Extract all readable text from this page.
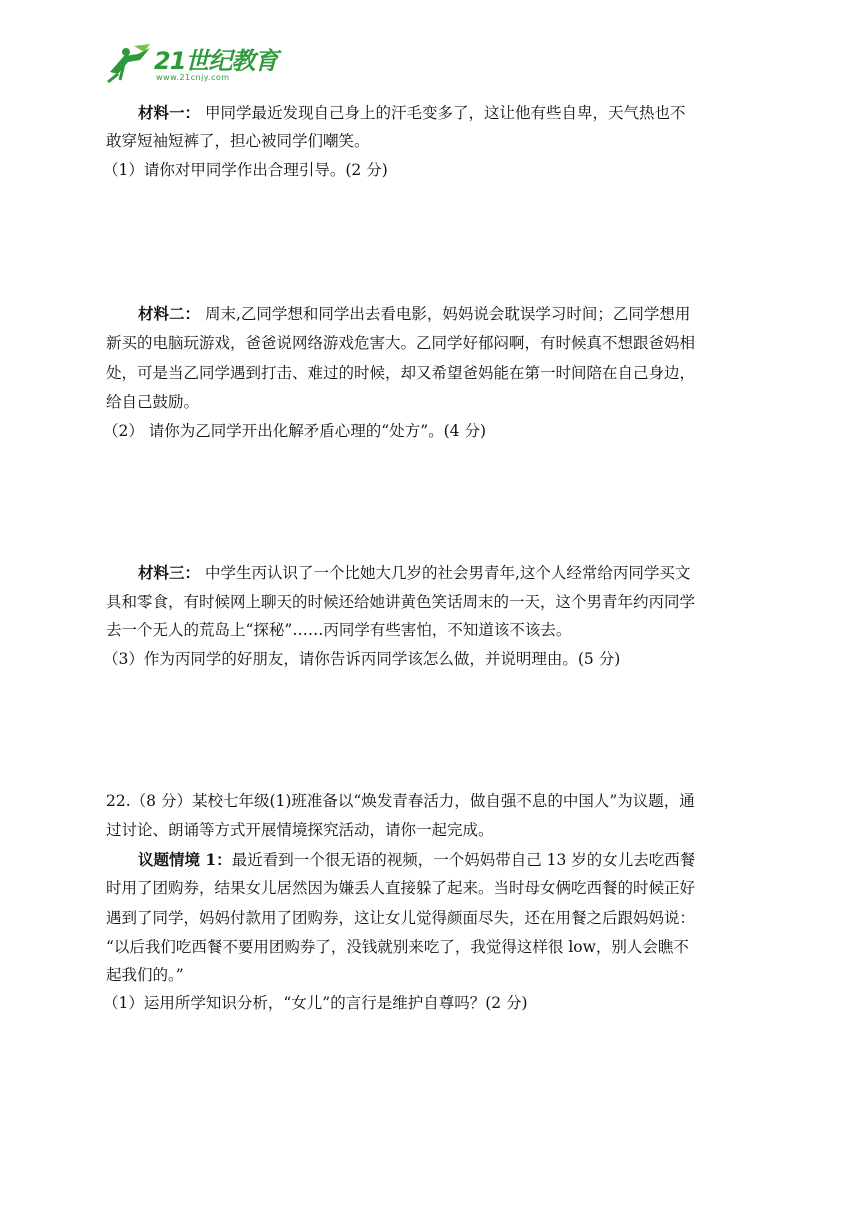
21世纪教育
www.21cnjy.com
材料一： 甲同学最近发现自己身上的汗毛变多了，这让他有些自卑，天气热也不
敢穿短袖短裤了，担心被同学们嘲笑。
（1）请你对甲同学作出合理引导。(2 分)
材料二： 周末,乙同学想和同学出去看电影，妈妈说会耽误学习时间；乙同学想用
新买的电脑玩游戏，爸爸说网络游戏危害大。乙同学好郁闷啊，有时候真不想跟爸妈相
处，可是当乙同学遇到打击、难过的时候，却又希望爸妈能在第一时间陪在自己身边，
给自己鼓励。
（2） 请你为乙同学开出化解矛盾心理的“处方”。(4 分)
材料三： 中学生丙认识了一个比她大几岁的社会男青年,这个人经常给丙同学买文
具和零食，有时候网上聊天的时候还给她讲黄色笑话周末的一天，这个男青年约丙同学
去一个无人的荒岛上“探秘”……丙同学有些害怕，不知道该不该去。
（3）作为丙同学的好朋友，请你告诉丙同学该怎么做，并说明理由。(5 分)
22.（8 分）某校七年级(1)班准备以“焕发青春活力，做自强不息的中国人”为议题，通
过讨论、朗诵等方式开展情境探究活动，请你一起完成。
议题情境 1：最近看到一个很无语的视频，一个妈妈带自己 13 岁的女儿去吃西餐
时用了团购券，结果女儿居然因为嫌丢人直接躲了起来。当时母女俩吃西餐的时候正好
遇到了同学，妈妈付款用了团购券，这让女儿觉得颜面尽失，还在用餐之后跟妈妈说：
“以后我们吃西餐不要用团购券了，没钱就别来吃了，我觉得这样很 low，别人会瞧不
起我们的。”
（1）运用所学知识分析，“女儿”的言行是维护自尊吗？(2 分)
